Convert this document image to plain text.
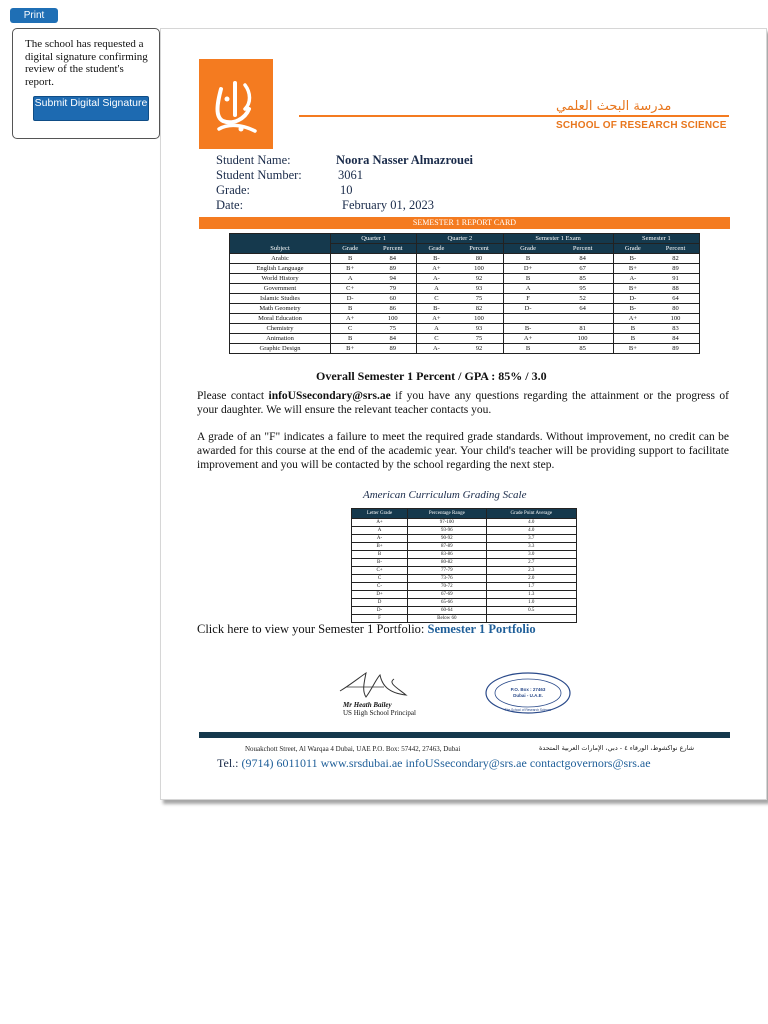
Print
The school has requested a digital signature confirming review of the student's report.
Submit Digital Signature	مدرسة البحث العلمي
SCHOOL OF RESEARCH SCIENCE
Student Name:	Noora Nasser Almazrouei
Student Number:	3061
Grade:	10
Date:	February 01, 2023
SEMESTER 1 REPORT CARD
Subject	Quarter 1		Quarter 2		Semester 1 Exam		Semester 1	
	Grade	Percent	Grade	Percent	Grade	Percent	Grade	Percent
Arabic	B	84	B-	80	B	84	B-	82
English Language	B+	89	A+	100	D+	67	B+	89
World History	A	94	A-	92	B	85	A-	91
Government	C+	79	A	93	A	95	B+	88
Islamic Studies	D-	60	C	75	F	52	D-	64
Math Geometry	B	86	B-	82	D-	64	B-	80
Moral Education	A+	100	A+	100			A+	100
Chemistry	C	75	A	93	B-	81	B	83
Animation	B	84	C	75	A+	100	B	84
Graphic Design	B+	89	A-	92	B	85	B+	89
Overall Semester 1 Percent / GPA : 85% / 3.0
Please contact infoUSsecondary@srs.ae if you have any questions regarding the attainment or the progress of your daughter. We will ensure the relevant teacher contacts you.
A grade of an "F" indicates a failure to meet the required grade standards. Without improvement, no credit can be awarded for this course at the end of the academic year. Your child's teacher will be providing support to facilitate improvement and you will be contacted by the school regarding the next step.
American Curriculum Grading Scale
Letter Grade	Percentage Range	Grade Point Average
A+	97-100	4.0
A	93-96	4.0
A-	90-92	3.7
B+	87-89	3.3
B	83-86	3.0
B-	80-82	2.7
C+	77-79	2.3
C	73-76	2.0
C-	70-72	1.7
D+	67-69	1.3
D	65-66	1.0
D-	60-64	0.5
F	Below 60	
Click here to view your Semester 1 Portfolio: Semester 1 Portfolio
Mr Heath Bailey
US High School Principal
P.O. Box : 27463
Dubai - U.A.E.
The School of Research Science
Nouakchott Street, Al Warqaa 4 Dubai, UAE P.O. Box: 57442, 27463, Dubai	شارع نواكشوط، الورقاء ٤ - دبي، الإمارات العربية المتحدة
Tel.: (9714) 6011011 www.srsdubai.ae infoUSsecondary@srs.ae contactgovernors@srs.ae
